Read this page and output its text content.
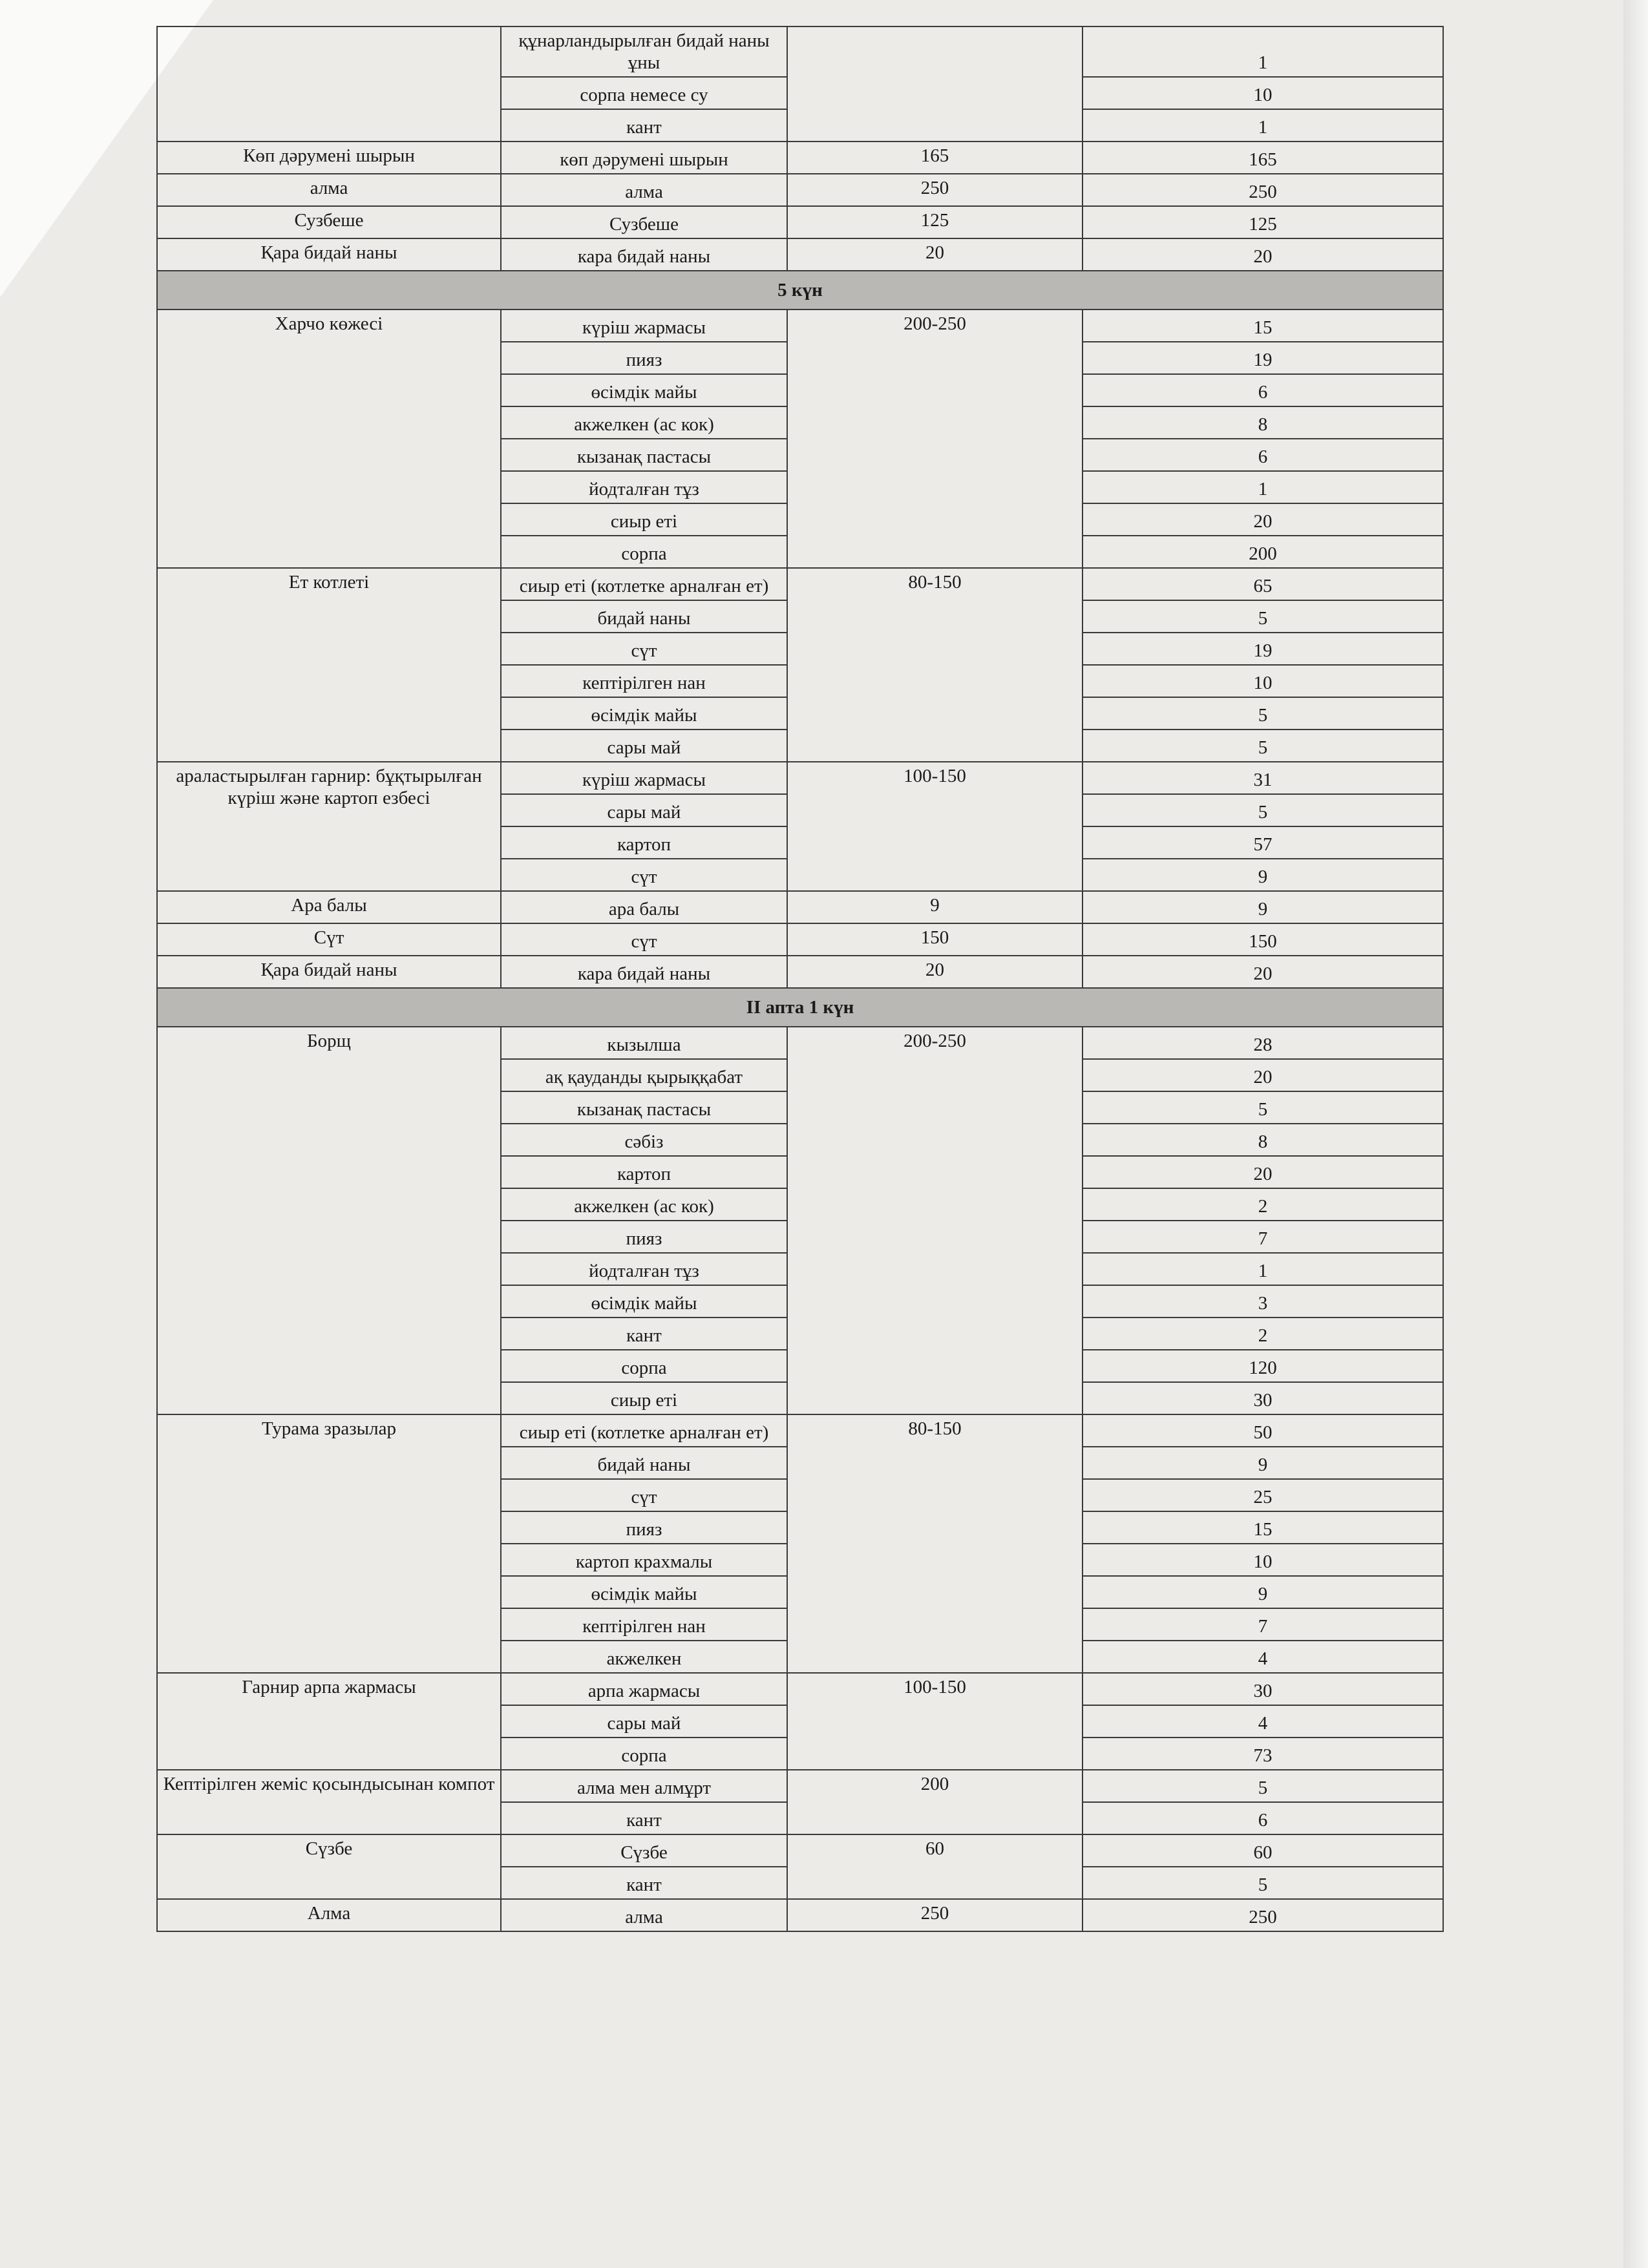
	құнарландырылған бидай наны ұны		1
	сорпа немесе су		10
	кант		1
Көп дәрумені шырын	көп дәрумені шырын	165	165
алма	алма	250	250
Сузбеше	Сузбеше	125	125
Қара бидай наны	кара бидай наны	20	20
5 күн			
Харчо көжесі	күріш жармасы	200-250	15
	пияз		19
	өсімдік майы		6
	акжелкен (ас кок)		8
	кызанақ пастасы		6
	йодталған тұз		1
	сиыр еті		20
	сорпа		200
Ет котлеті	сиыр еті (котлетке арналған ет)	80-150	65
	бидай наны		5
	сүт		19
	кептірілген нан		10
	өсімдік майы		5
	сары май		5
араластырылған гарнир: бұқтырылған күріш және картоп езбесі	күріш жармасы	100-150	31
	сары май		5
	картоп		57
	сүт		9
Ара балы	ара балы	9	9
Сүт	сүт	150	150
Қара бидай наны	кара бидай наны	20	20
II апта 1 күн			
Борщ	кызылша	200-250	28
	ақ қауданды қырыққабат		20
	кызанақ пастасы		5
	сәбіз		8
	картоп		20
	акжелкен (ас кок)		2
	пияз		7
	йодталған тұз		1
	өсімдік майы		3
	кант		2
	сорпа		120
	сиыр еті		30
Турама зразылар	сиыр еті (котлетке арналған ет)	80-150	50
	бидай наны		9
	сүт		25
	пияз		15
	картоп крахмалы		10
	өсімдік майы		9
	кептірілген нан		7
	акжелкен		4
Гарнир арпа жармасы	арпа жармасы	100-150	30
	сары май		4
	сорпа		73
Кептірілген жеміс қосындысынан компот	алма мен алмұрт	200	5
	кант		6
Сүзбе	Сүзбе	60	60
	кант		5
Алма	алма	250	250
